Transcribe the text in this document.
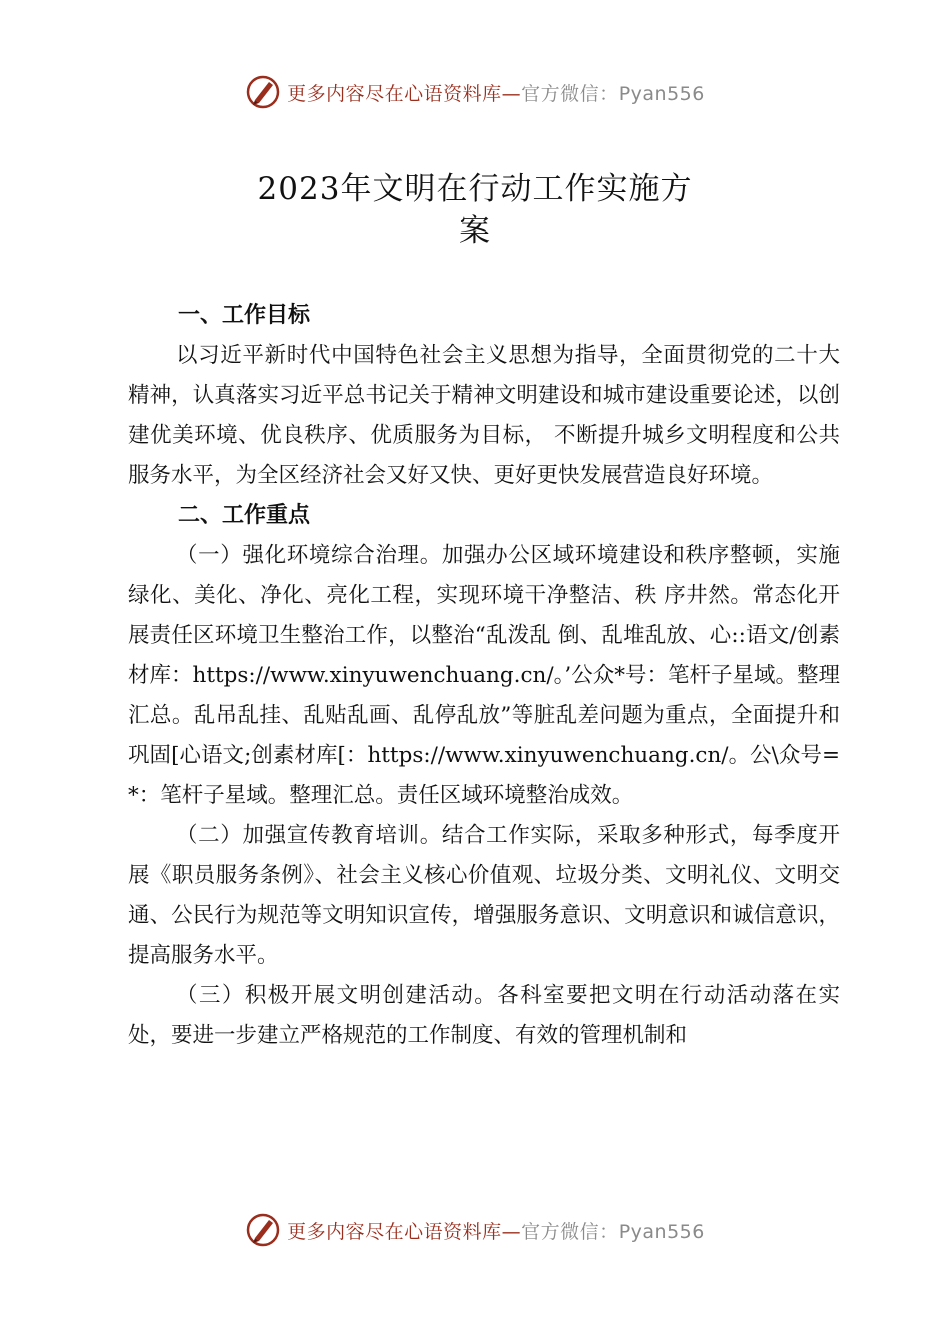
更多内容尽在心语资料库—官方微信：Pyan556
2023年文明在行动工作实施方
案
一、工作目标

以习近平新时代中国特色社会主义思想为指导，全面贯彻党的二十大精神，认真落实习近平总书记关于精神文明建设和城市建设重要论述，以创建优美环境、优良秩序、优质服务为目标， 不断提升城乡文明程度和公共服务水平，为全区经济社会又好又快、更好更快发展营造良好环境。

二、工作重点

（一）强化环境综合治理。加强办公区域环境建设和秩序整顿，实施绿化、美化、净化、亮化工程，实现环境干净整洁、秩 序井然。常态化开展责任区环境卫生整治工作，以整治“乱泼乱 倒、乱堆乱放、心::语文/创素材库：https://www.xinyuwenchuang.cn/。’公众*号：笔杆子星域。整理汇总。乱吊乱挂、乱贴乱画、乱停乱放”等脏乱差问题为重点，全面提升和巩固[心语文;创素材库[：https://www.xinyuwenchuang.cn/。公\众号=*：笔杆子星域。整理汇总。责任区域环境整治成效。

（二）加强宣传教育培训。结合工作实际，采取多种形式，每季度开展《职员服务条例》、社会主义核心价值观、垃圾分类、文明礼仪、文明交通、公民行为规范等文明知识宣传，增强服务意识、文明意识和诚信意识，提高服务水平。

（三）积极开展文明创建活动。各科室要把文明在行动活动落在实处，要进一步建立严格规范的工作制度、有效的管理机制和

更多内容尽在心语资料库—官方微信：Pyan556
